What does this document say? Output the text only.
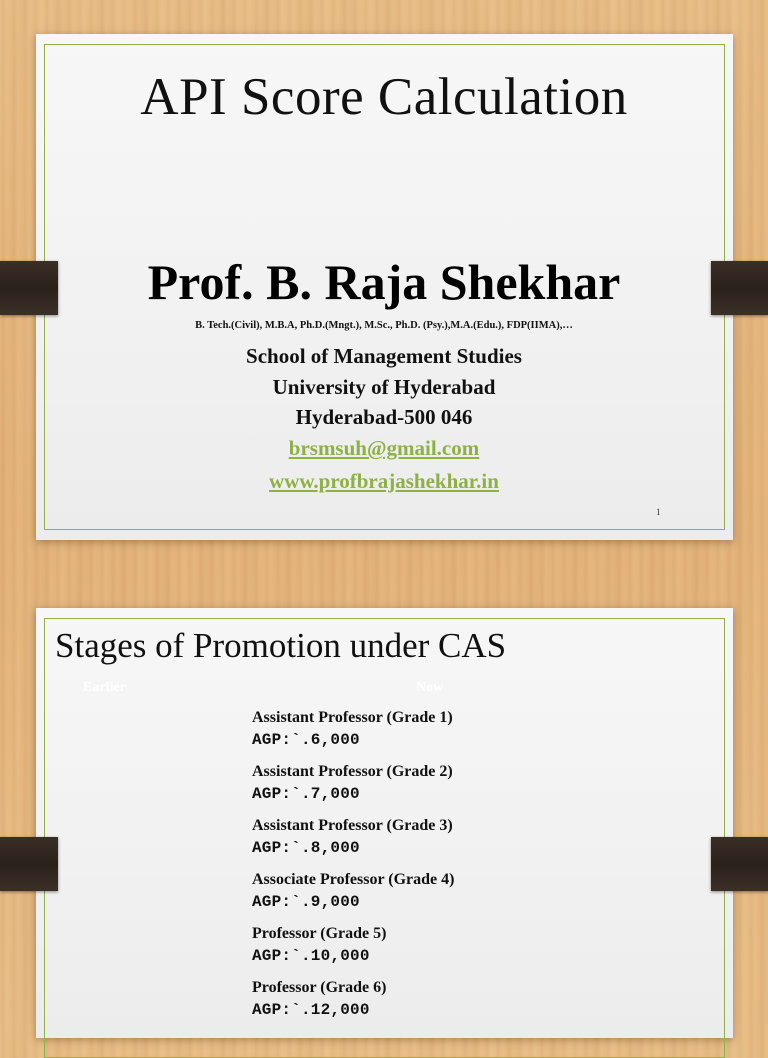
API Score Calculation
Prof. B. Raja Shekhar
B. Tech.(Civil), M.B.A, Ph.D.(Mngt.), M.Sc., Ph.D. (Psy.),M.A.(Edu.), FDP(IIMA),…
School of Management Studies
University of Hyderabad
Hyderabad-500 046
brsmsuh@gmail.com
www.profbrajashekhar.in
1
Stages of Promotion under CAS
Earlier	Now
Assistant Professor (Grade 1)
AGP:`.6,000
Assistant Professor (Grade 2)
AGP:`.7,000
Assistant Professor (Grade 3)
AGP:`.8,000
Associate Professor (Grade 4)
AGP:`.9,000
Professor (Grade 5)
AGP:`.10,000
Professor (Grade 6)
AGP:`.12,000
